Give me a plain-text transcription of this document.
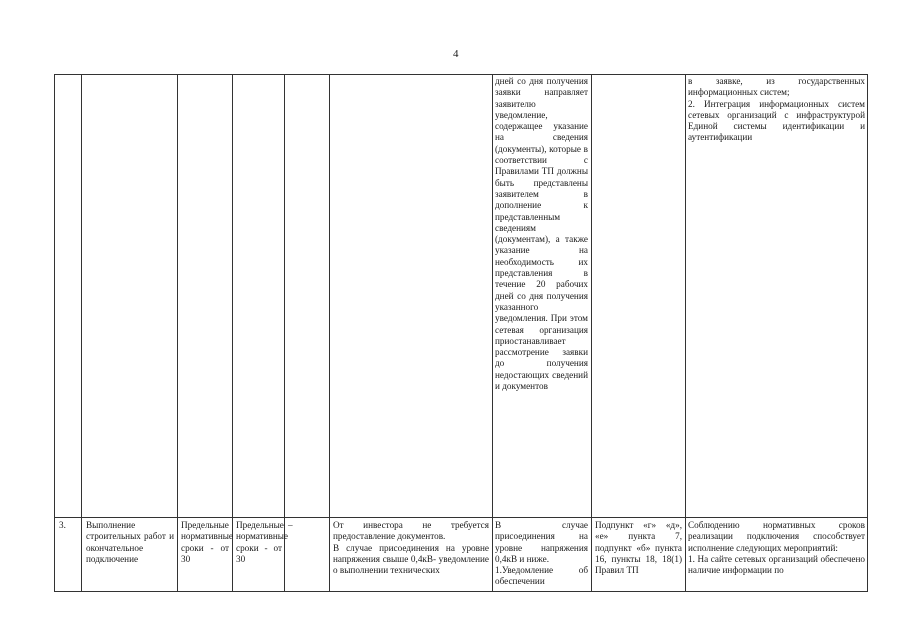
4

дней со дня получения заявки направляет заявителю уведомление, содержащее указание на сведения (документы), которые в соответствии с Правилами ТП должны быть представлены заявителем в дополнение к представленным сведениям (документам), а также указание на необходимость их представления в течение 20 рабочих дней со дня получения указанного уведомления. При этом сетевая организация приостанавливает рассмотрение заявки до получения недостающих сведений и документов

в заявке, из государственных информационных систем;

2. Интеграция информационных систем сетевых организаций с инфраструктурой Единой системы идентификации и аутентификации

3.	Выполнение строительных работ и окончательное подключение

Предельные нормативные сроки - от 30

Предельные нормативные сроки - от 30

–	От инвестора не требуется предоставление документов.

В случае присоединения на уровне напряжения свыше 0,4кВ- уведомление о выполнении технических

В случае присоединения на уровне напряжения 0,4кВ и ниже.

1.Уведомление об обеспечении

Подпункт «г» «д», «е» пункта 7, подпункт «б» пункта 16, пункты 18, 18(1) Правил ТП

Соблюдению нормативных сроков реализации подключения способствует исполнение следующих мероприятий:

1. На сайте сетевых организаций обеспечено наличие информации по
